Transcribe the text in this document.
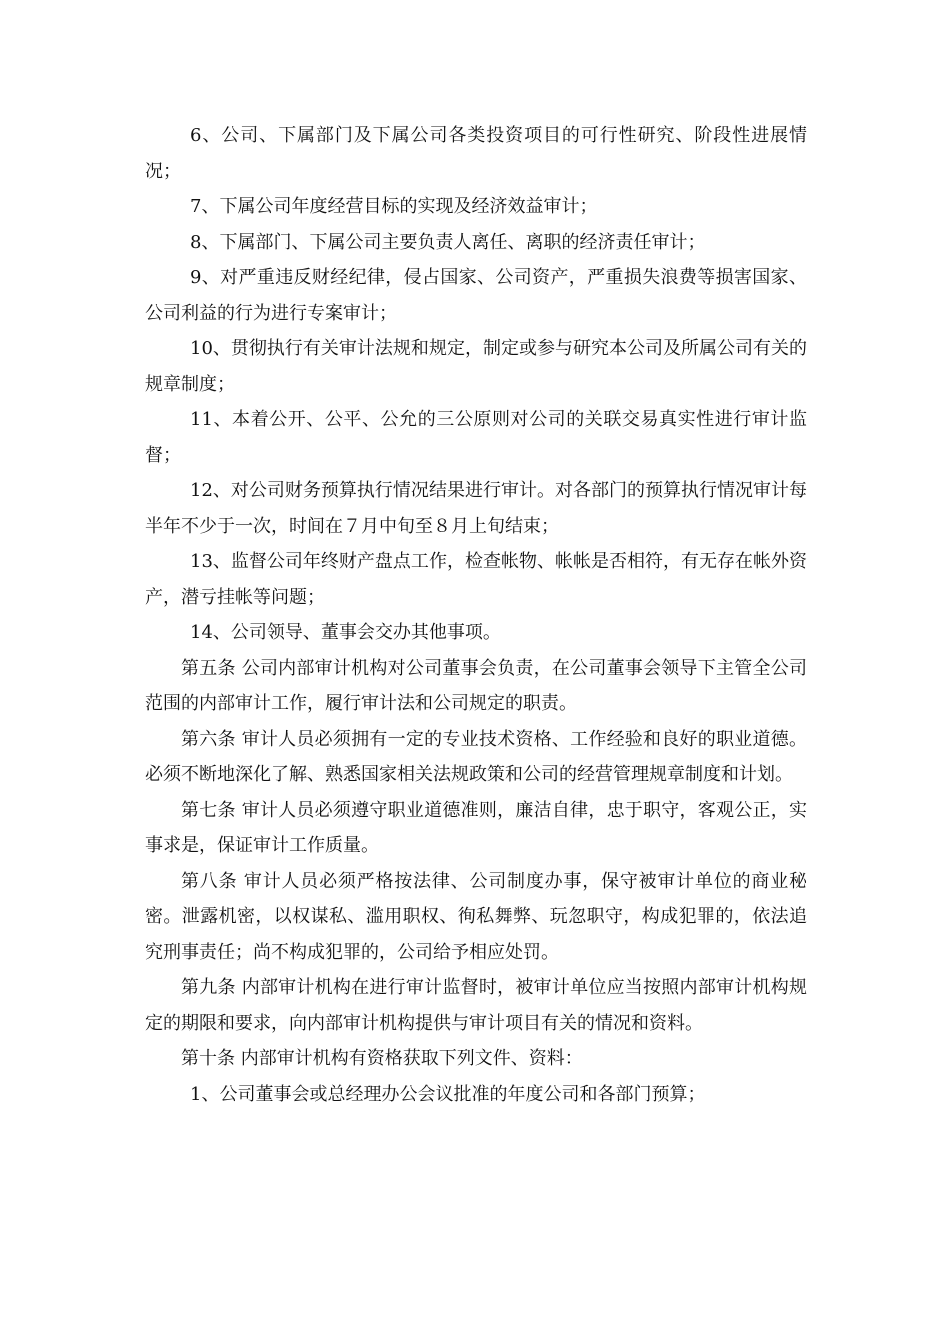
6、公司、下属部门及下属公司各类投资项目的可行性研究、阶段性进展情况；

7、下属公司年度经营目标的实现及经济效益审计；

8、下属部门、下属公司主要负责人离任、离职的经济责任审计；

9、对严重违反财经纪律，侵占国家、公司资产，严重损失浪费等损害国家、公司利益的行为进行专案审计；

10、贯彻执行有关审计法规和规定，制定或参与研究本公司及所属公司有关的规章制度；

11、本着公开、公平、公允的三公原则对公司的关联交易真实性进行审计监督；

12、对公司财务预算执行情况结果进行审计。对各部门的预算执行情况审计每半年不少于一次，时间在７月中旬至８月上旬结束；

13、监督公司年终财产盘点工作，检查帐物、帐帐是否相符，有无存在帐外资产，潜亏挂帐等问题；

14、公司领导、董事会交办其他事项。

第五条 公司内部审计机构对公司董事会负责，在公司董事会领导下主管全公司范围的内部审计工作，履行审计法和公司规定的职责。

第六条 审计人员必须拥有一定的专业技术资格、工作经验和良好的职业道德。必须不断地深化了解、熟悉国家相关法规政策和公司的经营管理规章制度和计划。

第七条 审计人员必须遵守职业道德准则，廉洁自律，忠于职守，客观公正，实事求是，保证审计工作质量。

第八条 审计人员必须严格按法律、公司制度办事，保守被审计单位的商业秘密。泄露机密，以权谋私、滥用职权、徇私舞弊、玩忽职守，构成犯罪的，依法追究刑事责任；尚不构成犯罪的，公司给予相应处罚。

第九条 内部审计机构在进行审计监督时，被审计单位应当按照内部审计机构规定的期限和要求，向内部审计机构提供与审计项目有关的情况和资料。

第十条 内部审计机构有资格获取下列文件、资料：

1、公司董事会或总经理办公会议批准的年度公司和各部门预算；
